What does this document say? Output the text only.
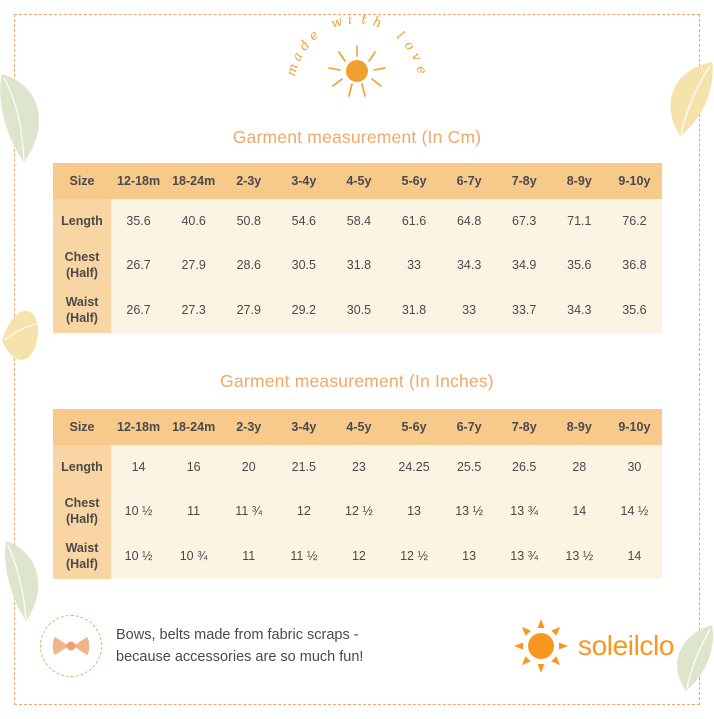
m
a
d
e

w i t h

l
o
v
e
Garment measurement (In Cm)
Size	12-18m	18-24m	2-3y	3-4y	4-5y	5-6y	6-7y	7-8y	8-9y	9-10y
Length	35.6	40.6	50.8	54.6	58.4	61.6	64.8	67.3	71.1	76.2

Chest
(Half)	26.7	27.9	28.6	30.5	31.8	33	34.3	34.9	35.6	36.8

Waist
(Half)	26.7	27.3	27.9	29.2	30.5	31.8	33	33.7	34.3	35.6
Garment measurement (In Inches)
Size	12-18m	18-24m	2-3y	3-4y	4-5y	5-6y	6-7y	7-8y	8-9y	9-10y
Length	14	16	20	21.5	23	24.25	25.5	26.5	28	30

Chest
(Half)	10 ½	11	11 ¾	12	12 ½	13	13 ½	13 ¾	14	14 ½

Waist
(Half)	10 ½	10 ¾	11	11 ½	12	12 ½	13	13 ¾	13 ½	14
Bows, belts made from fabric scraps -
because accessories are so much fun!	soleilclo
